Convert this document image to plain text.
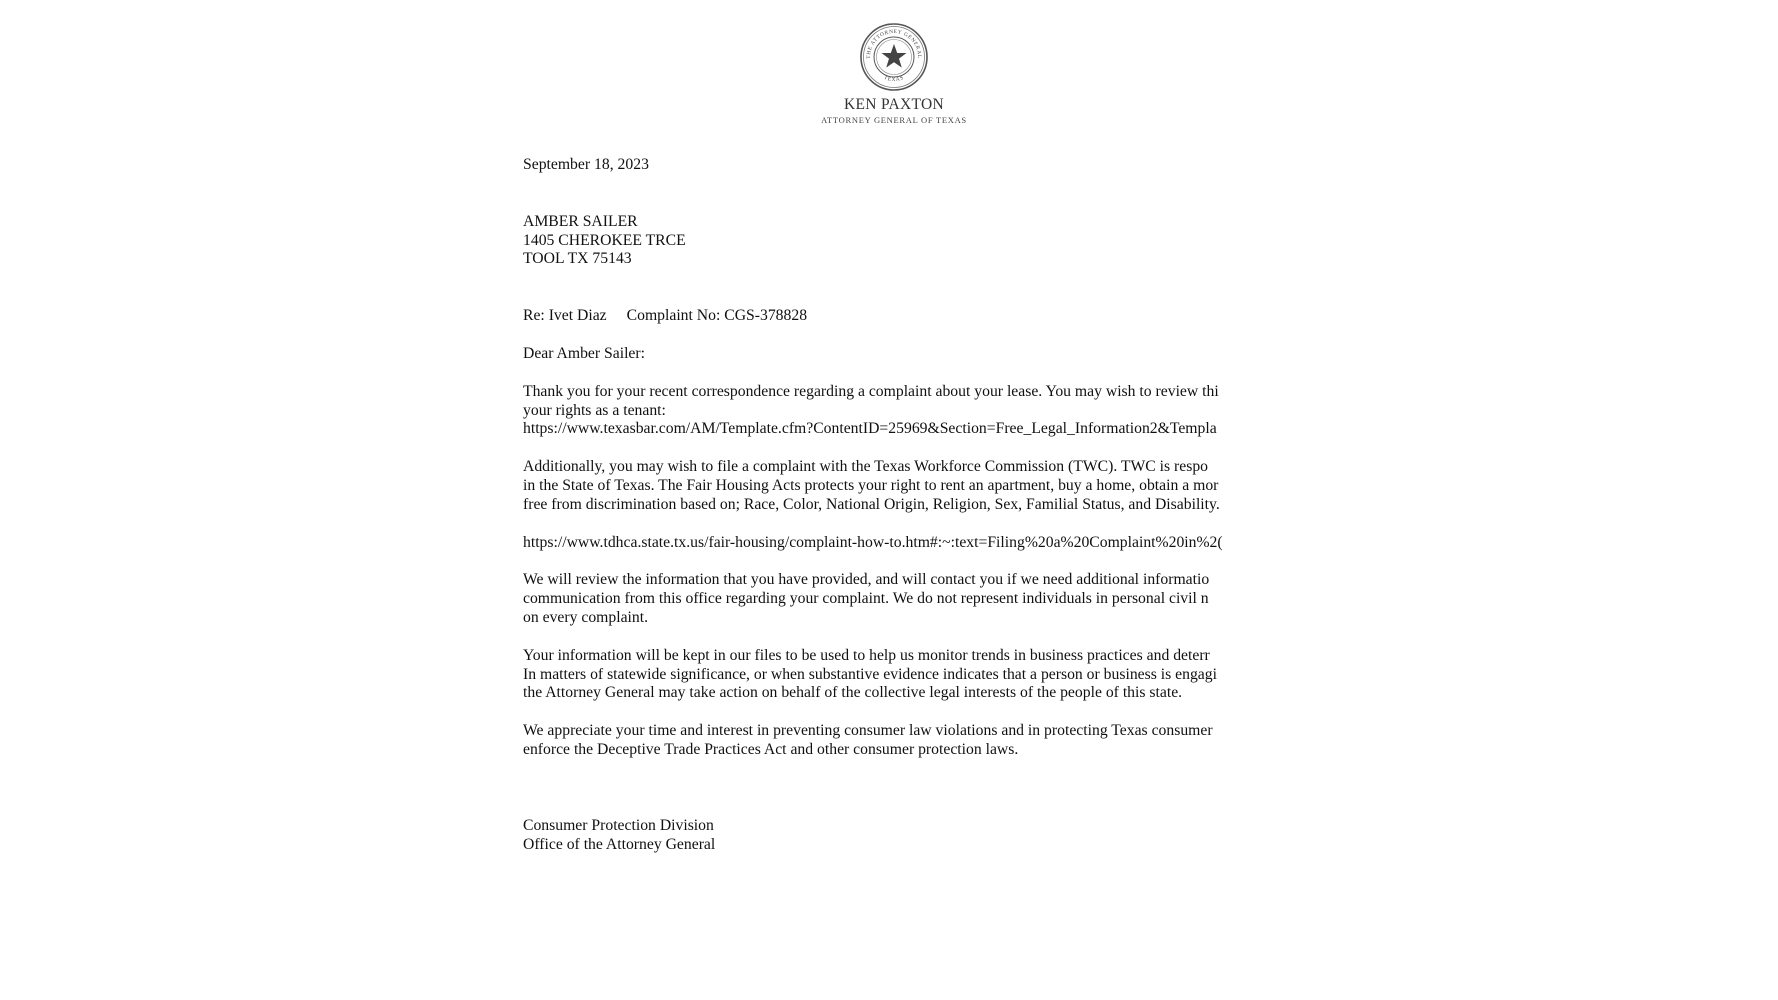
THE ATTORNEY GENERAL
TEXAS
KEN PAXTON
ATTORNEY GENERAL OF TEXAS
September 18, 2023
AMBER SAILER
1405 CHEROKEE TRCE
TOOL TX 75143
Re: Ivet Diaz Complaint No: CGS-378828
Dear Amber Sailer:
Thank you for your recent correspondence regarding a complaint about your lease. You may wish to review thi
your rights as a tenant:
https://www.texasbar.com/AM/Template.cfm?ContentID=25969&Section=Free_Legal_Information2&Templa
Additionally, you may wish to file a complaint with the Texas Workforce Commission (TWC). TWC is respo
in the State of Texas. The Fair Housing Acts protects your right to rent an apartment, buy a home, obtain a mor
free from discrimination based on; Race, Color, National Origin, Religion, Sex, Familial Status, and Disability.
https://www.tdhca.state.tx.us/fair-housing/complaint-how-to.htm#:~:text=Filing%20a%20Complaint%20in%2(
We will review the information that you have provided, and will contact you if we need additional informatio
communication from this office regarding your complaint. We do not represent individuals in personal civil n
on every complaint.
Your information will be kept in our files to be used to help us monitor trends in business practices and deterr
In matters of statewide significance, or when substantive evidence indicates that a person or business is engagi
the Attorney General may take action on behalf of the collective legal interests of the people of this state.
We appreciate your time and interest in preventing consumer law violations and in protecting Texas consumer
enforce the Deceptive Trade Practices Act and other consumer protection laws.
Consumer Protection Division
Office of the Attorney General
